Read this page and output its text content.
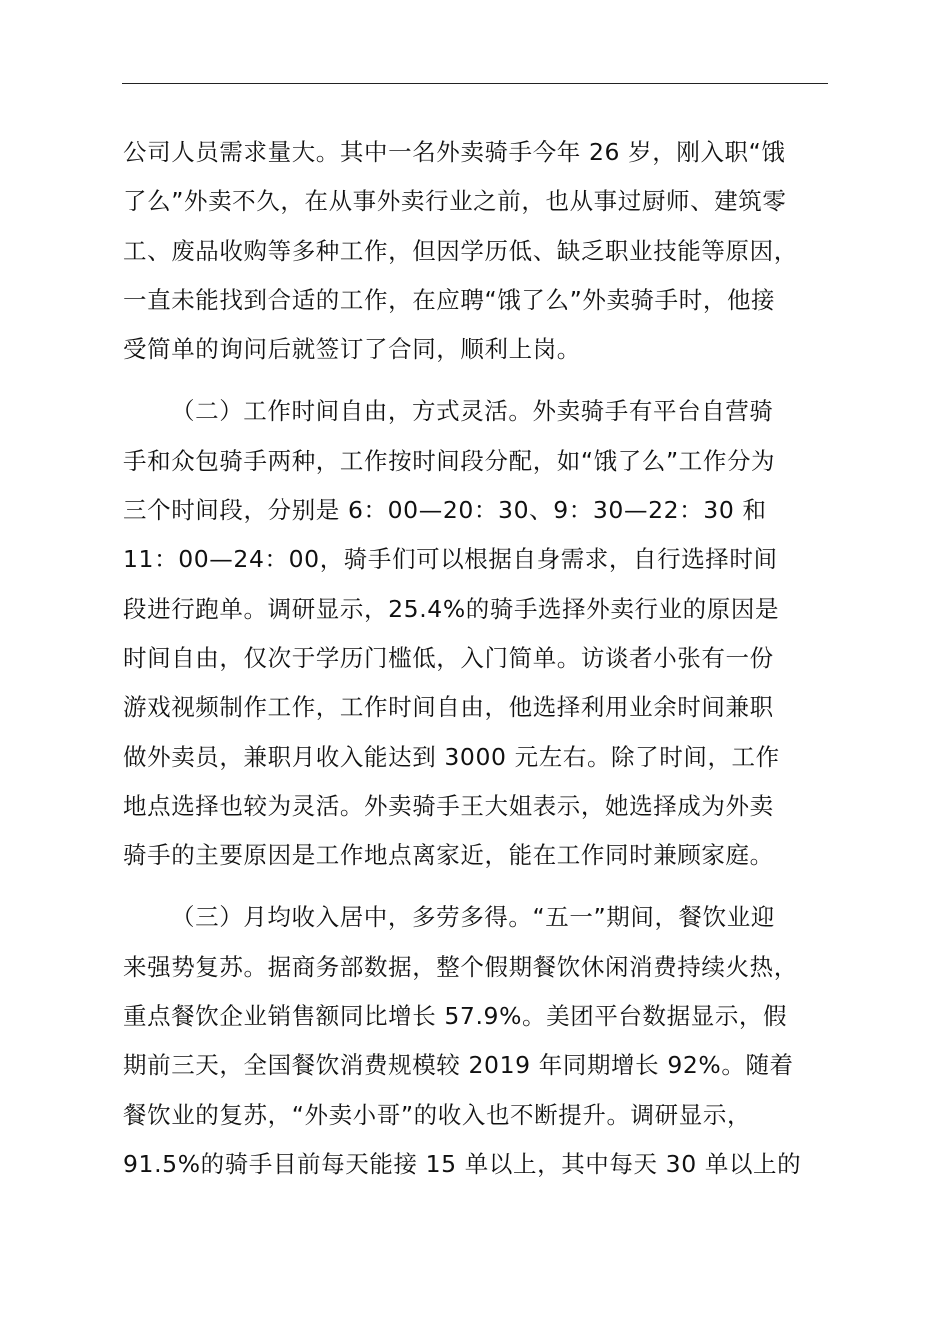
公司人员需求量大。其中一名外卖骑手今年 26 岁，刚入职“饿
了么”外卖不久，在从事外卖行业之前，也从事过厨师、建筑零
工、废品收购等多种工作，但因学历低、缺乏职业技能等原因，
一直未能找到合适的工作，在应聘“饿了么”外卖骑手时，他接
受简单的询问后就签订了合同，顺利上岗。
（二）工作时间自由，方式灵活。外卖骑手有平台自营骑
手和众包骑手两种，工作按时间段分配，如“饿了么”工作分为
三个时间段，分别是 6：00—20：30、9：30—22：30 和
11：00—24：00，骑手们可以根据自身需求，自行选择时间
段进行跑单。调研显示，25.4%的骑手选择外卖行业的原因是
时间自由，仅次于学历门槛低，入门简单。访谈者小张有一份
游戏视频制作工作，工作时间自由，他选择利用业余时间兼职
做外卖员，兼职月收入能达到 3000 元左右。除了时间，工作
地点选择也较为灵活。外卖骑手王大姐表示，她选择成为外卖
骑手的主要原因是工作地点离家近，能在工作同时兼顾家庭。
（三）月均收入居中，多劳多得。“五一”期间，餐饮业迎
来强势复苏。据商务部数据，整个假期餐饮休闲消费持续火热，
重点餐饮企业销售额同比增长 57.9%。美团平台数据显示，假
期前三天，全国餐饮消费规模较 2019 年同期增长 92%。随着
餐饮业的复苏，“外卖小哥”的收入也不断提升。调研显示，
91.5%的骑手目前每天能接 15 单以上，其中每天 30 单以上的
